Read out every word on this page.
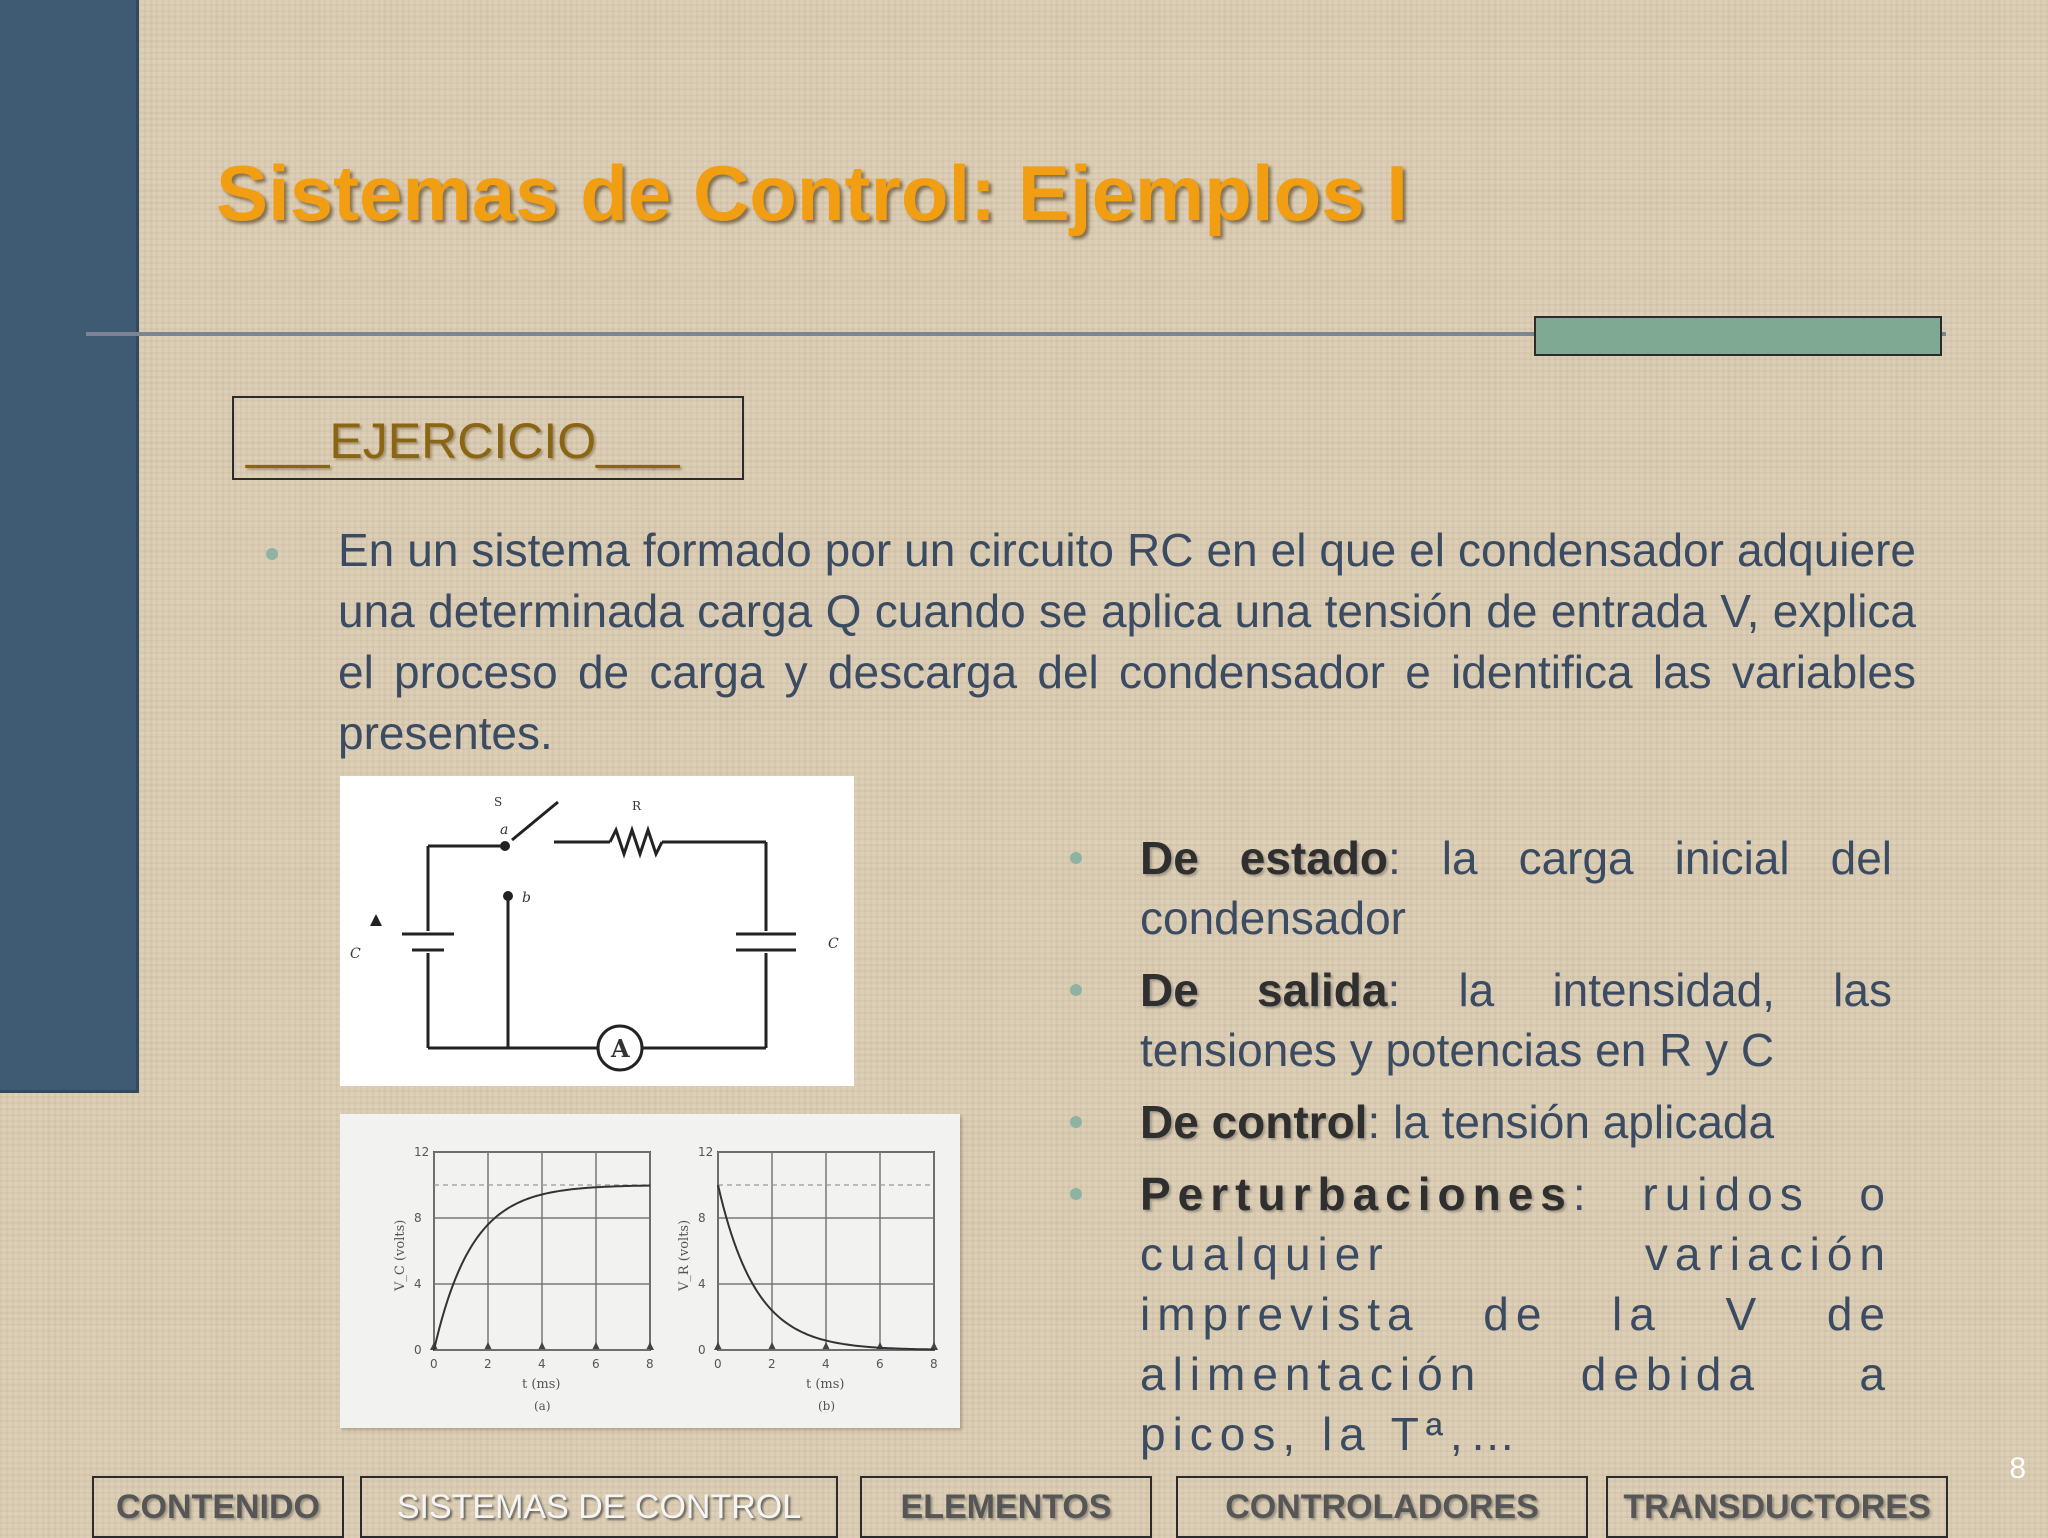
Sistemas de Control: Ejemplos I
___EJERCICIO___

En un sistema formado por un circuito RC en el que el condensador adquiere una determinada carga Q cuando se aplica una tensión de entrada V, explica el proceso de carga y descarga del condensador e identifica las variables presentes.

a
b
S	R
C
C
A
0	2	4	6	8
0
4
8
12
V_C (volts)
t (ms)
(a)
0	2	4	6	8
0
4
8
12
V_R (volts)
t (ms)
(b)
De estado: la carga inicial del condensador
De salida: la intensidad, las tensiones y potencias en R y C
De control: la tensión aplicada
Perturbaciones: ruidos o cualquier variación imprevista de la V de alimentación debida a picos, la Tª,…
8
CONTENIDO	SISTEMAS DE CONTROL	ELEMENTOS	CONTROLADORES	TRANSDUCTORES
